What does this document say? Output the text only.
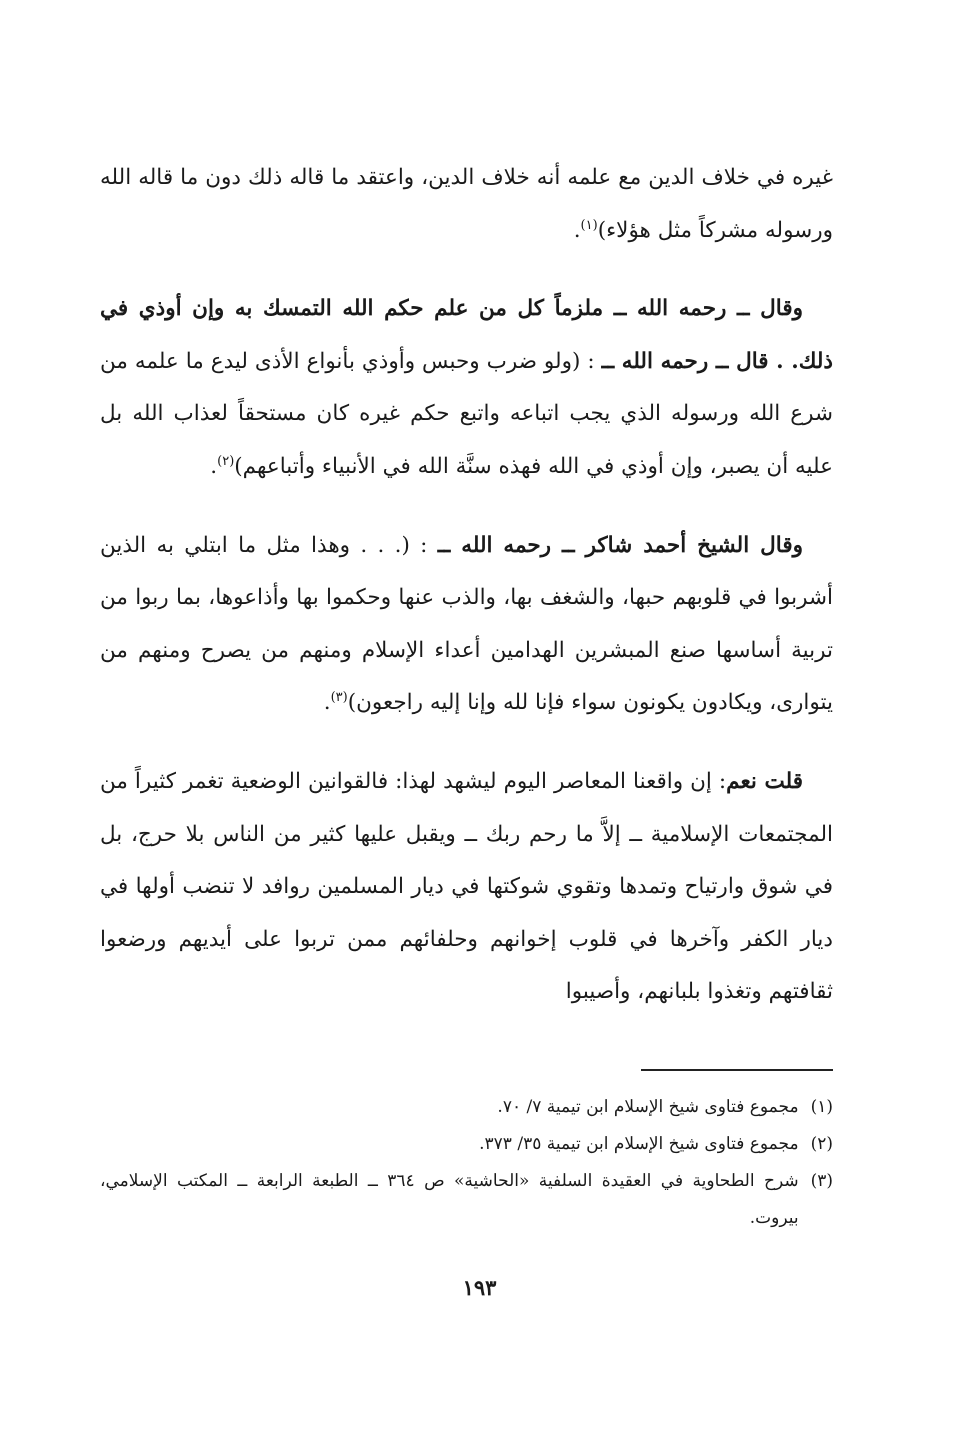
غيره في خلاف الدين مع علمه أنه خلاف الدين، واعتقد ما قاله ذلك دون ما قاله الله ورسوله مشركاً مثل هؤلاء)$^{(١)}$.

وقال ــ رحمه الله ــ ملزماً كل من علم حكم الله التمسك به وإن أوذي في ذلك. . قال ــ رحمه الله ــ : (ولو ضرب وحبس وأوذي بأنواع الأذى ليدع ما علمه من شرع الله ورسوله الذي يجب اتباعه واتبع حكم غيره كان مستحقاً لعذاب الله بل عليه أن يصبر، وإن أوذي في الله فهذه سنَّة الله في الأنبياء وأتباعهم)$^{(٢)}$.

وقال الشيخ أحمد شاكر ــ رحمه الله ــ : (. . . وهذا مثل ما ابتلي به الذين أشربوا في قلوبهم حبها، والشغف بها، والذب عنها وحكموا بها وأذاعوها، بما ربوا من تربية أساسها صنع المبشرين الهدامين أعداء الإسلام ومنهم من يصرح ومنهم من يتوارى، ويكادون يكونون سواء فإنا لله وإنا إليه راجعون)$^{(٣)}$.

قلت نعم: إن واقعنا المعاصر اليوم ليشهد لهذا: فالقوانين الوضعية تغمر كثيراً من المجتمعات الإسلامية ــ إلاَّ ما رحم ربك ــ ويقبل عليها كثير من الناس بلا حرج، بل في شوق وارتياح وتمدها وتقوي شوكتها في ديار المسلمين روافد لا تنضب أولها في ديار الكفر وآخرها في قلوب إخوانهم وحلفائهم ممن تربوا على أيديهم ورضعوا ثقافتهم وتغذوا بلبانهم، وأصيبوا

(١)
مجموع فتاوى شيخ الإسلام ابن تيمية ٧/ ٧٠.

(٢)
مجموع فتاوى شيخ الإسلام ابن تيمية ٣٥/ ٣٧٣.

(٣)
شرح الطحاوية في العقيدة السلفية «الحاشية» ص ٣٦٤ ــ الطبعة الرابعة ــ المكتب الإسلامي، بيروت.

١٩٣
